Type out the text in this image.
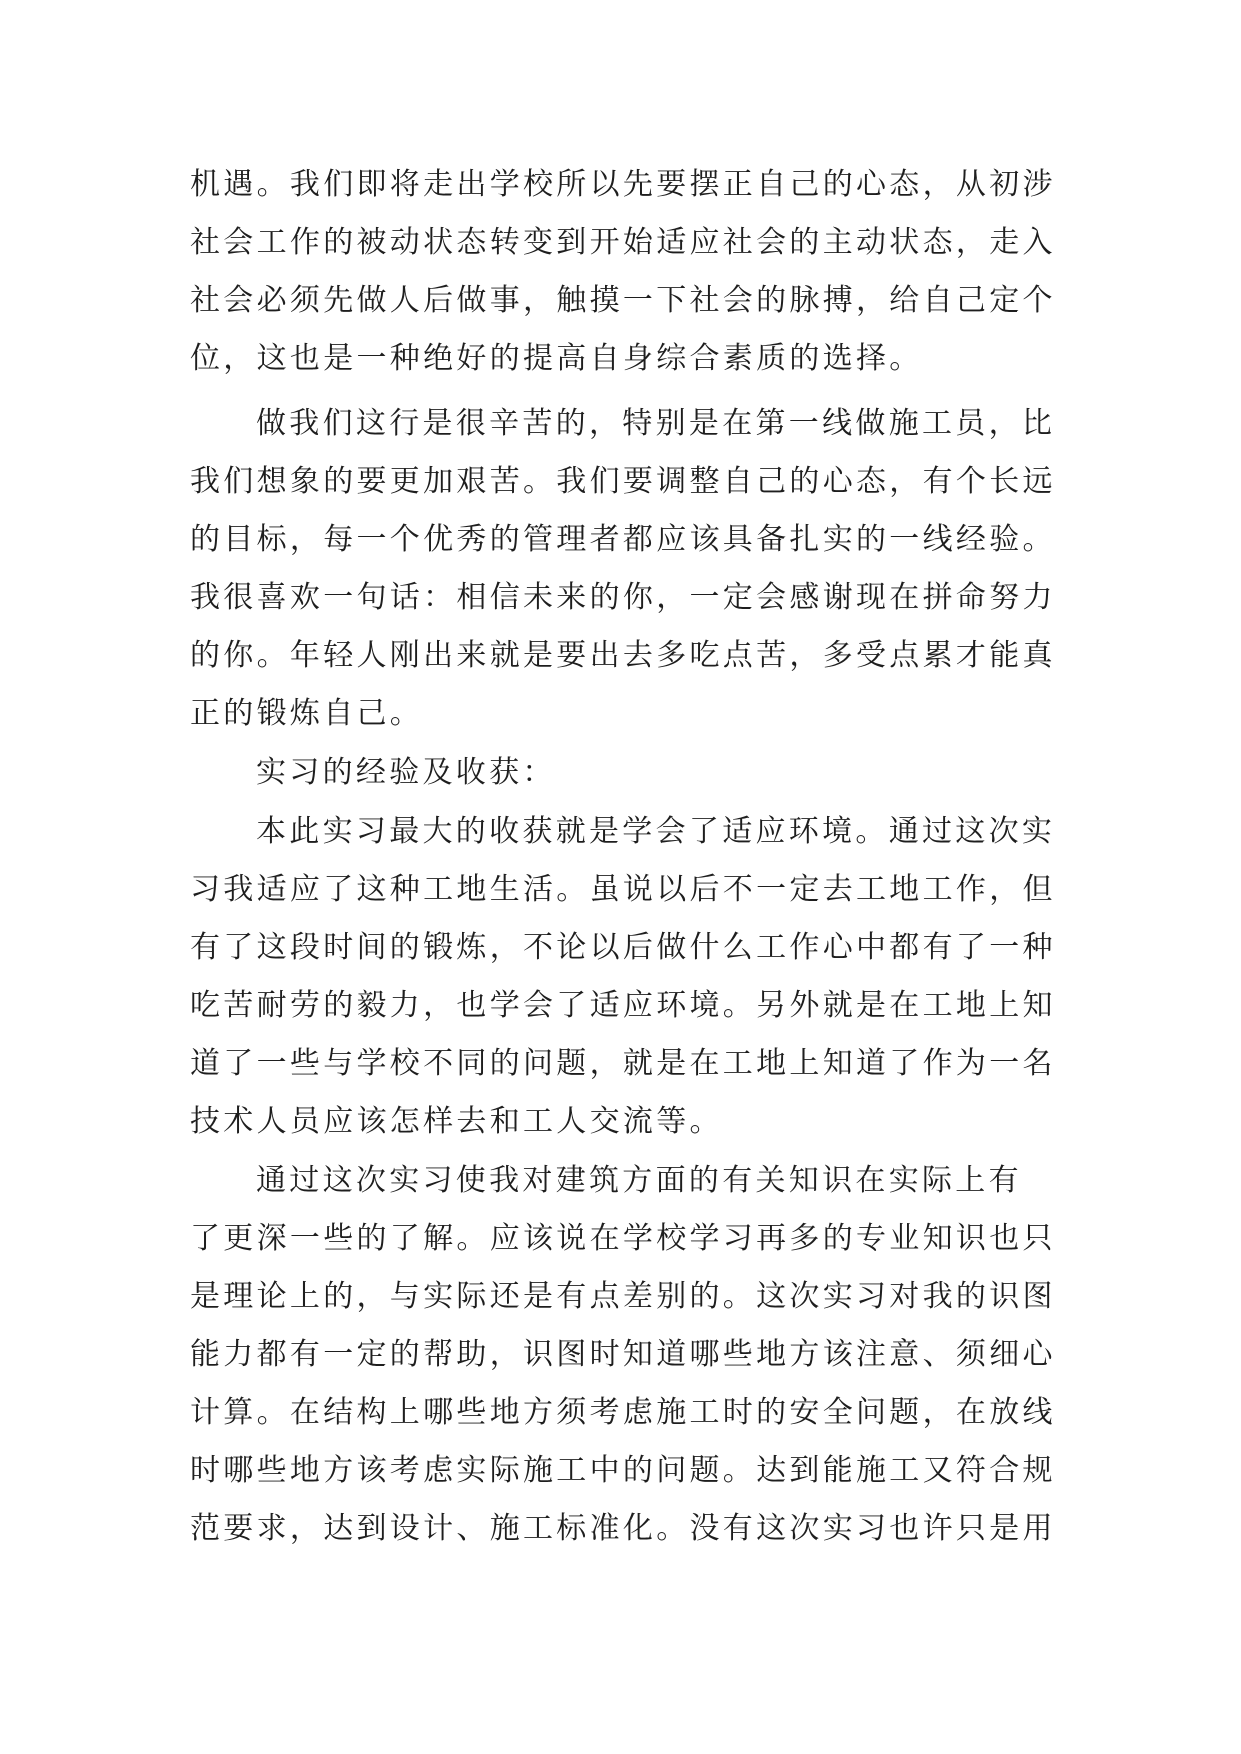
机遇。我们即将走出学校所以先要摆正自己的心态，从初涉
社会工作的被动状态转变到开始适应社会的主动状态，走入
社会必须先做人后做事，触摸一下社会的脉搏，给自己定个
位，这也是一种绝好的提高自身综合素质的选择。
做我们这行是很辛苦的，特别是在第一线做施工员，比
我们想象的要更加艰苦。我们要调整自己的心态，有个长远
的目标，每一个优秀的管理者都应该具备扎实的一线经验。
我很喜欢一句话：相信未来的你，一定会感谢现在拼命努力
的你。年轻人刚出来就是要出去多吃点苦，多受点累才能真
正的锻炼自己。
实习的经验及收获：
本此实习最大的收获就是学会了适应环境。通过这次实
习我适应了这种工地生活。虽说以后不一定去工地工作，但
有了这段时间的锻炼，不论以后做什么工作心中都有了一种
吃苦耐劳的毅力，也学会了适应环境。另外就是在工地上知
道了一些与学校不同的问题，就是在工地上知道了作为一名
技术人员应该怎样去和工人交流等。
通过这次实习使我对建筑方面的有关知识在实际上有
了更深一些的了解。应该说在学校学习再多的专业知识也只
是理论上的，与实际还是有点差别的。这次实习对我的识图
能力都有一定的帮助，识图时知道哪些地方该注意、须细心
计算。在结构上哪些地方须考虑施工时的安全问题，在放线
时哪些地方该考虑实际施工中的问题。达到能施工又符合规
范要求，达到设计、施工标准化。没有这次实习也许只是用
